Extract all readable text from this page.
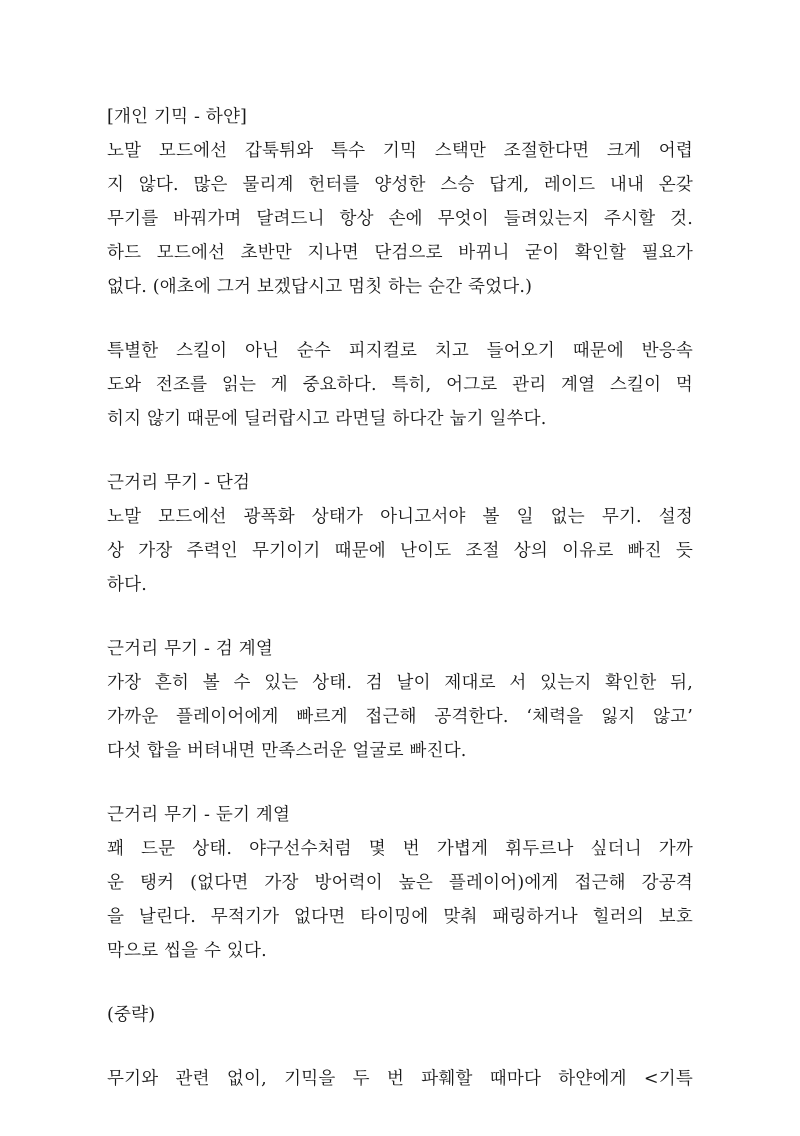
[개인 기믹 - 하얀]
노말 모드에선 갑툭튀와 특수 기믹 스택만 조절한다면 크게 어렵
지 않다. 많은 물리계 헌터를 양성한 스승 답게, 레이드 내내 온갖
무기를 바꿔가며 달려드니 항상 손에 무엇이 들려있는지 주시할 것.
하드 모드에선 초반만 지나면 단검으로 바뀌니 굳이 확인할 필요가
없다. (애초에 그거 보겠답시고 멈칫 하는 순간 죽었다.)
특별한 스킬이 아닌 순수 피지컬로 치고 들어오기 때문에 반응속
도와 전조를 읽는 게 중요하다. 특히, 어그로 관리 계열 스킬이 먹
히지 않기 때문에 딜러랍시고 라면딜 하다간 눕기 일쑤다.
근거리 무기 - 단검
노말 모드에선 광폭화 상태가 아니고서야 볼 일 없는 무기. 설정
상 가장 주력인 무기이기 때문에 난이도 조절 상의 이유로 빠진 듯
하다.
근거리 무기 - 검 계열
가장 흔히 볼 수 있는 상태. 검 날이 제대로 서 있는지 확인한 뒤,
가까운 플레이어에게 빠르게 접근해 공격한다. ‘체력을 잃지 않고’
다섯 합을 버텨내면 만족스러운 얼굴로 빠진다.
근거리 무기 - 둔기 계열
꽤 드문 상태. 야구선수처럼 몇 번 가볍게 휘두르나 싶더니 가까
운 탱커 (없다면 가장 방어력이 높은 플레이어)에게 접근해 강공격
을 날린다. 무적기가 없다면 타이밍에 맞춰 패링하거나 힐러의 보호
막으로 씹을 수 있다.
(중략)
무기와 관련 없이, 기믹을 두 번 파훼할 때마다 하얀에게 <기특
